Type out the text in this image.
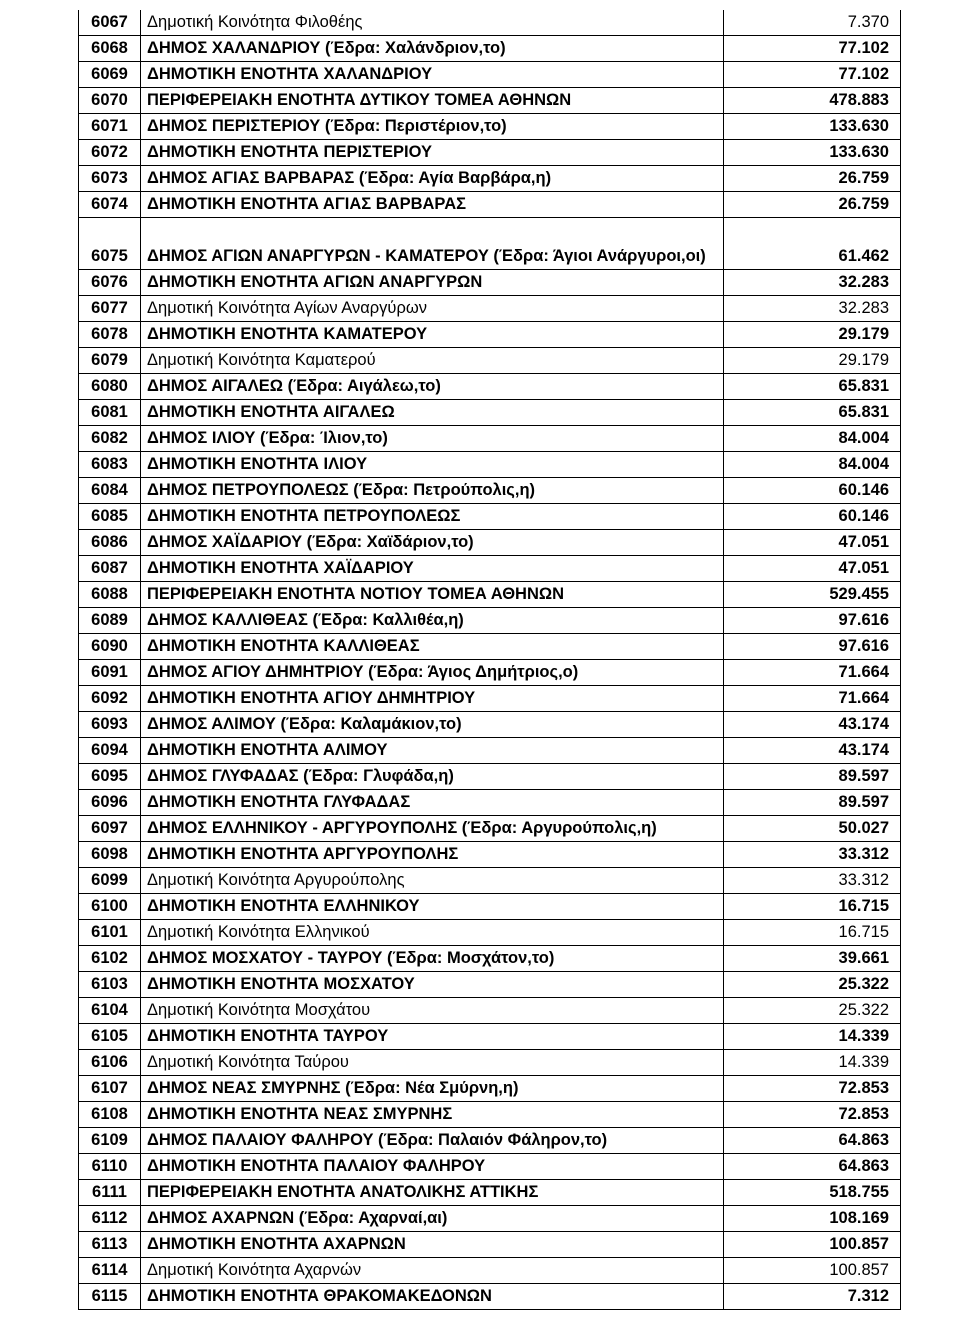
6067	Δημοτική Κοινότητα Φιλοθέης	7.370
6068	ΔΗΜΟΣ ΧΑΛΑΝΔΡΙΟΥ (Έδρα: Χαλάνδριον,το)	77.102
6069	ΔΗΜΟΤΙΚΗ ΕΝΟΤΗΤΑ ΧΑΛΑΝΔΡΙΟΥ	77.102
6070	ΠΕΡΙΦΕΡΕΙΑΚΗ ΕΝΟΤΗΤΑ ΔΥΤΙΚΟΥ ΤΟΜΕΑ ΑΘΗΝΩΝ	478.883
6071	ΔΗΜΟΣ ΠΕΡΙΣΤΕΡΙΟΥ (Έδρα: Περιστέριον,το)	133.630
6072	ΔΗΜΟΤΙΚΗ ΕΝΟΤΗΤΑ ΠΕΡΙΣΤΕΡΙΟΥ	133.630
6073	ΔΗΜΟΣ ΑΓΙΑΣ ΒΑΡΒΑΡΑΣ (Έδρα: Αγία Βαρβάρα,η)	26.759
6074	ΔΗΜΟΤΙΚΗ ΕΝΟΤΗΤΑ ΑΓΙΑΣ ΒΑΡΒΑΡΑΣ	26.759
6075	ΔΗΜΟΣ ΑΓΙΩΝ ΑΝΑΡΓΥΡΩΝ - ΚΑΜΑΤΕΡΟΥ (Έδρα: Άγιοι Ανάργυροι,οι)	61.462
6076	ΔΗΜΟΤΙΚΗ ΕΝΟΤΗΤΑ ΑΓΙΩΝ ΑΝΑΡΓΥΡΩΝ	32.283
6077	Δημοτική Κοινότητα Αγίων Αναργύρων	32.283
6078	ΔΗΜΟΤΙΚΗ ΕΝΟΤΗΤΑ ΚΑΜΑΤΕΡΟΥ	29.179
6079	Δημοτική Κοινότητα Καματερού	29.179
6080	ΔΗΜΟΣ ΑΙΓΑΛΕΩ (Έδρα: Αιγάλεω,το)	65.831
6081	ΔΗΜΟΤΙΚΗ ΕΝΟΤΗΤΑ ΑΙΓΑΛΕΩ	65.831
6082	ΔΗΜΟΣ ΙΛΙΟΥ (Έδρα: Ίλιον,το)	84.004
6083	ΔΗΜΟΤΙΚΗ ΕΝΟΤΗΤΑ ΙΛΙΟΥ	84.004
6084	ΔΗΜΟΣ ΠΕΤΡΟΥΠΟΛΕΩΣ (Έδρα: Πετρούπολις,η)	60.146
6085	ΔΗΜΟΤΙΚΗ ΕΝΟΤΗΤΑ ΠΕΤΡΟΥΠΟΛΕΩΣ	60.146
6086	ΔΗΜΟΣ ΧΑΪΔΑΡΙΟΥ (Έδρα: Χαϊδάριον,το)	47.051
6087	ΔΗΜΟΤΙΚΗ ΕΝΟΤΗΤΑ ΧΑΪΔΑΡΙΟΥ	47.051
6088	ΠΕΡΙΦΕΡΕΙΑΚΗ ΕΝΟΤΗΤΑ ΝΟΤΙΟΥ ΤΟΜΕΑ ΑΘΗΝΩΝ	529.455
6089	ΔΗΜΟΣ ΚΑΛΛΙΘΕΑΣ (Έδρα: Καλλιθέα,η)	97.616
6090	ΔΗΜΟΤΙΚΗ ΕΝΟΤΗΤΑ ΚΑΛΛΙΘΕΑΣ	97.616
6091	ΔΗΜΟΣ ΑΓΙΟΥ ΔΗΜΗΤΡΙΟΥ (Έδρα: Άγιος Δημήτριος,ο)	71.664
6092	ΔΗΜΟΤΙΚΗ ΕΝΟΤΗΤΑ ΑΓΙΟΥ ΔΗΜΗΤΡΙΟΥ	71.664
6093	ΔΗΜΟΣ ΑΛΙΜΟΥ (Έδρα: Καλαμάκιον,το)	43.174
6094	ΔΗΜΟΤΙΚΗ ΕΝΟΤΗΤΑ ΑΛΙΜΟΥ	43.174
6095	ΔΗΜΟΣ ΓΛΥΦΑΔΑΣ (Έδρα: Γλυφάδα,η)	89.597
6096	ΔΗΜΟΤΙΚΗ ΕΝΟΤΗΤΑ ΓΛΥΦΑΔΑΣ	89.597
6097	ΔΗΜΟΣ ΕΛΛΗΝΙΚΟΥ - ΑΡΓΥΡΟΥΠΟΛΗΣ (Έδρα: Αργυρούπολις,η)	50.027
6098	ΔΗΜΟΤΙΚΗ ΕΝΟΤΗΤΑ ΑΡΓΥΡΟΥΠΟΛΗΣ	33.312
6099	Δημοτική Κοινότητα Αργυρούπολης	33.312
6100	ΔΗΜΟΤΙΚΗ ΕΝΟΤΗΤΑ ΕΛΛΗΝΙΚΟΥ	16.715
6101	Δημοτική Κοινότητα Ελληνικού	16.715
6102	ΔΗΜΟΣ ΜΟΣΧΑΤΟΥ - ΤΑΥΡΟΥ (Έδρα: Μοσχάτον,το)	39.661
6103	ΔΗΜΟΤΙΚΗ ΕΝΟΤΗΤΑ ΜΟΣΧΑΤΟΥ	25.322
6104	Δημοτική Κοινότητα Μοσχάτου	25.322
6105	ΔΗΜΟΤΙΚΗ ΕΝΟΤΗΤΑ ΤΑΥΡΟΥ	14.339
6106	Δημοτική Κοινότητα Ταύρου	14.339
6107	ΔΗΜΟΣ ΝΕΑΣ ΣΜΥΡΝΗΣ (Έδρα: Νέα Σμύρνη,η)	72.853
6108	ΔΗΜΟΤΙΚΗ ΕΝΟΤΗΤΑ ΝΕΑΣ ΣΜΥΡΝΗΣ	72.853
6109	ΔΗΜΟΣ ΠΑΛΑΙΟΥ ΦΑΛΗΡΟΥ (Έδρα: Παλαιόν Φάληρον,το)	64.863
6110	ΔΗΜΟΤΙΚΗ ΕΝΟΤΗΤΑ ΠΑΛΑΙΟΥ ΦΑΛΗΡΟΥ	64.863
6111	ΠΕΡΙΦΕΡΕΙΑΚΗ ΕΝΟΤΗΤΑ ΑΝΑΤΟΛΙΚΗΣ ΑΤΤΙΚΗΣ	518.755
6112	ΔΗΜΟΣ ΑΧΑΡΝΩΝ (Έδρα: Αχαρναί,αι)	108.169
6113	ΔΗΜΟΤΙΚΗ ΕΝΟΤΗΤΑ ΑΧΑΡΝΩΝ	100.857
6114	Δημοτική Κοινότητα Αχαρνών	100.857
6115	ΔΗΜΟΤΙΚΗ ΕΝΟΤΗΤΑ ΘΡΑΚΟΜΑΚΕΔΟΝΩΝ	7.312
